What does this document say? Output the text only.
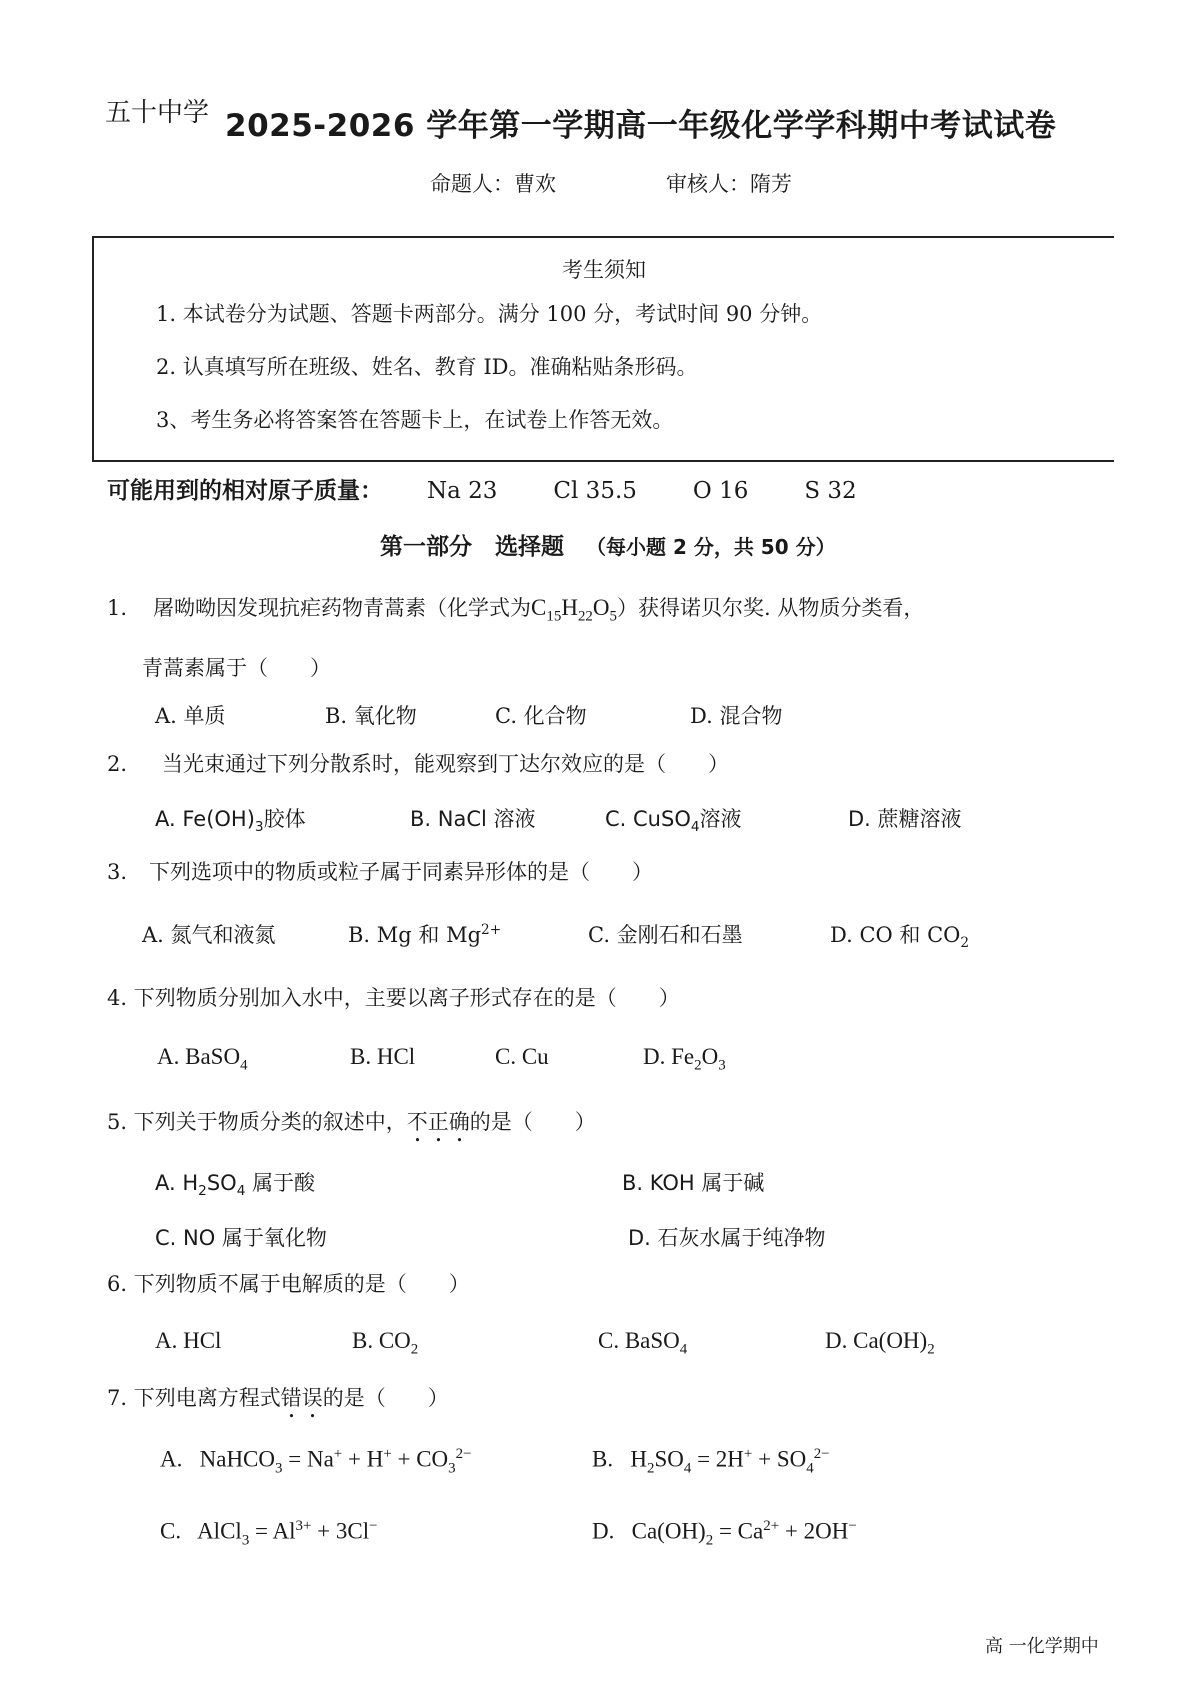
五十中学 2025-2026 学年第一学期高一年级化学学科期中考试试卷
命题人：曹欢	审核人：隋芳
考生须知
1. 本试卷分为试题、答题卡两部分。满分 100 分，考试时间 90 分钟。
2. 认真填写所在班级、姓名、教育 ID。准确粘贴条形码。
3、考生务必将答案答在答题卡上，在试卷上作答无效。
可能用到的相对原子质量： Na 23 Cl 35.5 O 16 S 32
第一部分　选择题 （每小题 2 分，共 50 分）
1. 屠呦呦因发现抗疟药物青蒿素（化学式为$C_{15}H_{22}O_5$）获得诺贝尔奖. 从物质分类看，
青蒿素属于（　　）
A. 单质	B. 氧化物	C. 化合物	D. 混合物
2. 当光束通过下列分散系时，能观察到丁达尔效应的是（　　）
A. $Fe(OH)_3$胶体	B. NaCl 溶液	C. CuSO$_4$溶液	D. 蔗糖溶液
3. 下列选项中的物质或粒子属于同素异形体的是（　　）
A. 氮气和液氮	B. Mg 和 $Mg^{2+}$	C. 金刚石和石墨	D. CO 和 $CO_2$
4. 下列物质分别加入水中，主要以离子形式存在的是（　　）
A. BaSO$_4$	B. HCl	C. Cu	D. $Fe_2O_3$
5. 下列关于物质分类的叙述中，不正确的是（　　）
A. $H_2SO_4$ 属于酸	B. KOH 属于碱
C. NO 属于氧化物	D. 石灰水属于纯净物
6. 下列物质不属于电解质的是（　　）
A. HCl	B. $CO_2$	C. BaSO$_4$	D. $Ca(OH)_2$
7. 下列电离方程式错误的是（　　）
A.   NaHCO$_3$ = $Na^+ + H^+ + CO_3^{2-}$	B.   $H_2SO_4 = 2H^+ + SO_4^{2-}$
C.   AlCl$_3$ = $Al^{3+} + 3Cl^-$	D.   $Ca(OH)_2 = Ca^{2+} + 2OH^-$
高 一化学期中
